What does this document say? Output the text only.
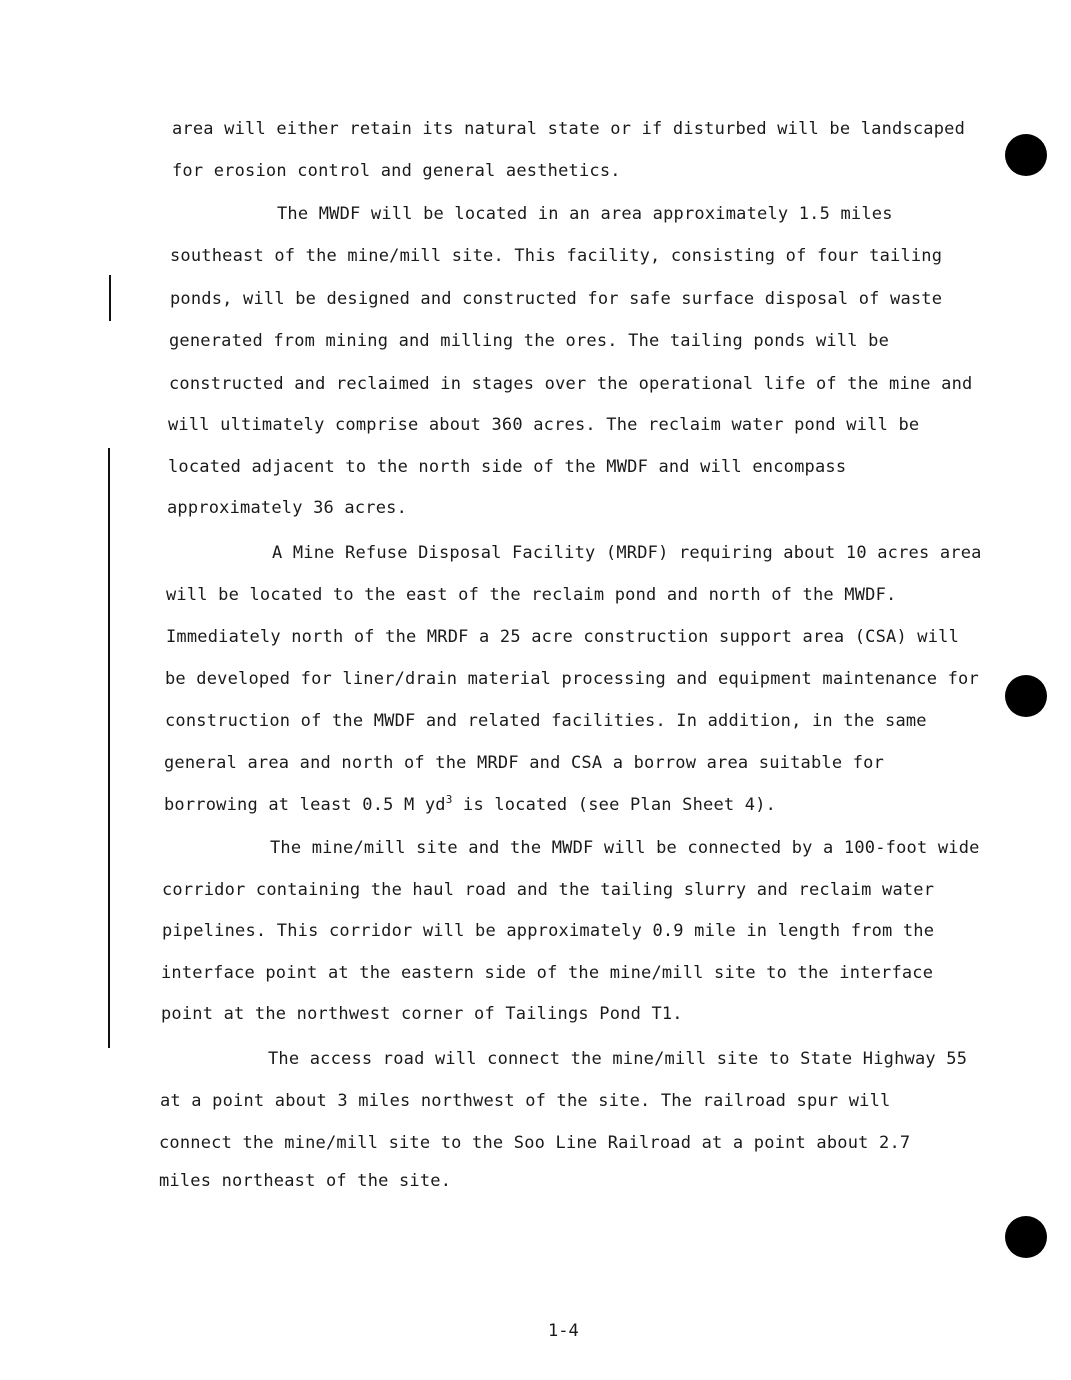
area will either retain its natural state or if disturbed will be landscaped
for erosion control and general aesthetics.
The MWDF will be located in an area approximately 1.5 miles
southeast of the mine/mill site. This facility, consisting of four tailing
ponds, will be designed and constructed for safe surface disposal of waste
generated from mining and milling the ores. The tailing ponds will be
constructed and reclaimed in stages over the operational life of the mine and
will ultimately comprise about 360 acres. The reclaim water pond will be
located adjacent to the north side of the MWDF and will encompass
approximately 36 acres.
A Mine Refuse Disposal Facility (MRDF) requiring about 10 acres area
will be located to the east of the reclaim pond and north of the MWDF.
Immediately north of the MRDF a 25 acre construction support area (CSA) will
be developed for liner/drain material processing and equipment maintenance for
construction of the MWDF and related facilities. In addition, in the same
general area and north of the MRDF and CSA a borrow area suitable for
borrowing at least 0.5 M $yd^3$ is located (see Plan Sheet 4).
The mine/mill site and the MWDF will be connected by a 100-foot wide
corridor containing the haul road and the tailing slurry and reclaim water
pipelines. This corridor will be approximately 0.9 mile in length from the
interface point at the eastern side of the mine/mill site to the interface
point at the northwest corner of Tailings Pond T1.
The access road will connect the mine/mill site to State Highway 55
at a point about 3 miles northwest of the site. The railroad spur will
connect the mine/mill site to the Soo Line Railroad at a point about 2.7
miles northeast of the site.
1-4
